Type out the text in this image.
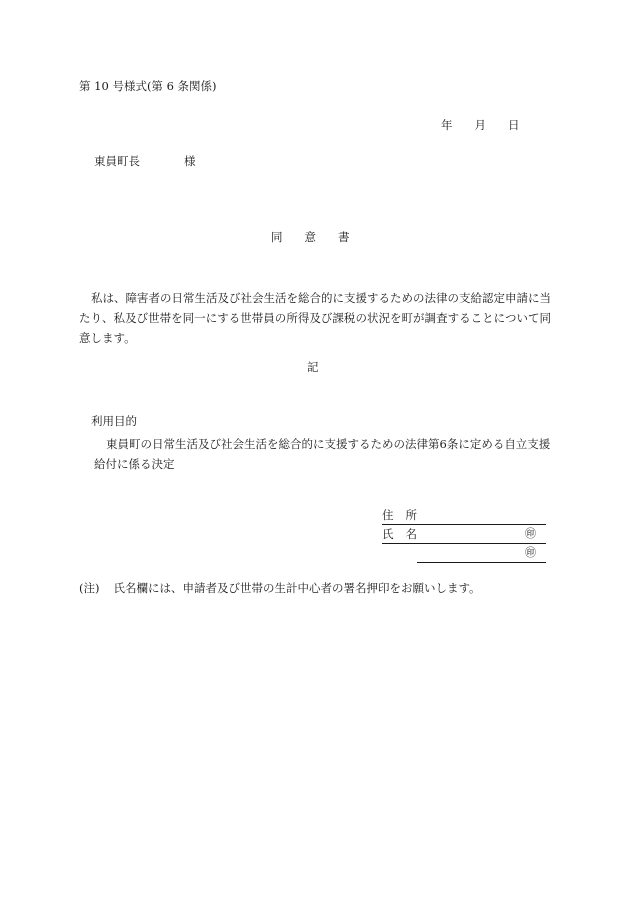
第 10 号様式(第 6 条関係)
年 月 日
東員町長	様
同 意 書
私は、障害者の日常生活及び社会生活を総合的に支援するための法律の支給認定申請に当たり、私及び世帯を同一にする世帯員の所得及び課税の状況を町が調査することについて同意します。
記
利用目的
東員町の日常生活及び社会生活を総合的に支援するための法律第6条に定める自立支援給付に係る決定
住 所
氏 名	㊞
㊞
(注) 氏名欄には、申請者及び世帯の生計中心者の署名押印をお願いします。
